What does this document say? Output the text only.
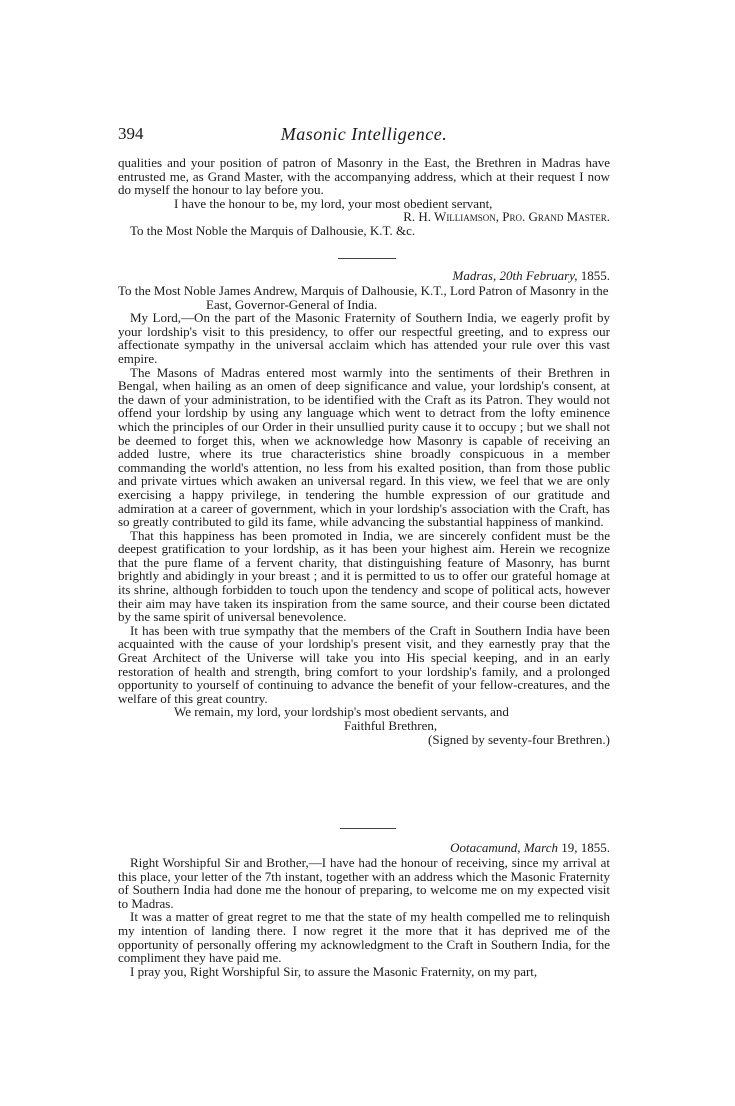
394	Masonic Intelligence.

qualities and your position of patron of Masonry in the East, the Brethren in Madras have entrusted me, as Grand Master, with the accompanying address, which at their request I now do myself the honour to lay before you.

I have the honour to be, my lord, your most obedient servant,

R. H. Williamson, Pro. Grand Master.

To the Most Noble the Marquis of Dalhousie, K.T. &c.

Madras, 20th February, 1855.

To the Most Noble James Andrew, Marquis of Dalhousie, K.T., Lord Patron of Masonry in the East, Governor-General of India.

My Lord,—On the part of the Masonic Fraternity of Southern India, we eagerly profit by your lordship's visit to this presidency, to offer our respectful greeting, and to express our affectionate sympathy in the universal acclaim which has attended your rule over this vast empire.

The Masons of Madras entered most warmly into the sentiments of their Brethren in Bengal, when hailing as an omen of deep significance and value, your lordship's consent, at the dawn of your administration, to be identified with the Craft as its Patron. They would not offend your lordship by using any language which went to detract from the lofty eminence which the principles of our Order in their unsullied purity cause it to occupy ; but we shall not be deemed to forget this, when we acknowledge how Masonry is capable of receiving an added lustre, where its true characteristics shine broadly conspicuous in a member commanding the world's attention, no less from his exalted position, than from those public and private virtues which awaken an universal regard. In this view, we feel that we are only exercising a happy privilege, in tendering the humble expression of our gratitude and admiration at a career of government, which in your lordship's association with the Craft, has so greatly contributed to gild its fame, while advancing the substantial happiness of mankind.

That this happiness has been promoted in India, we are sincerely confident must be the deepest gratification to your lordship, as it has been your highest aim. Herein we recognize that the pure flame of a fervent charity, that distinguishing feature of Masonry, has burnt brightly and abidingly in your breast ; and it is permitted to us to offer our grateful homage at its shrine, although forbidden to touch upon the tendency and scope of political acts, however their aim may have taken its inspiration from the same source, and their course been dictated by the same spirit of universal benevolence.

It has been with true sympathy that the members of the Craft in Southern India have been acquainted with the cause of your lordship's present visit, and they earnestly pray that the Great Architect of the Universe will take you into His special keeping, and in an early restoration of health and strength, bring comfort to your lordship's family, and a prolonged opportunity to yourself of continuing to advance the benefit of your fellow-creatures, and the welfare of this great country.

We remain, my lord, your lordship's most obedient servants, and

Faithful Brethren,

(Signed by seventy-four Brethren.)

Ootacamund, March 19, 1855.

Right Worshipful Sir and Brother,—I have had the honour of receiving, since my arrival at this place, your letter of the 7th instant, together with an address which the Masonic Fraternity of Southern India had done me the honour of preparing, to welcome me on my expected visit to Madras.

It was a matter of great regret to me that the state of my health compelled me to relinquish my intention of landing there. I now regret it the more that it has deprived me of the opportunity of personally offering my acknowledgment to the Craft in Southern India, for the compliment they have paid me.

I pray you, Right Worshipful Sir, to assure the Masonic Fraternity, on my part,
